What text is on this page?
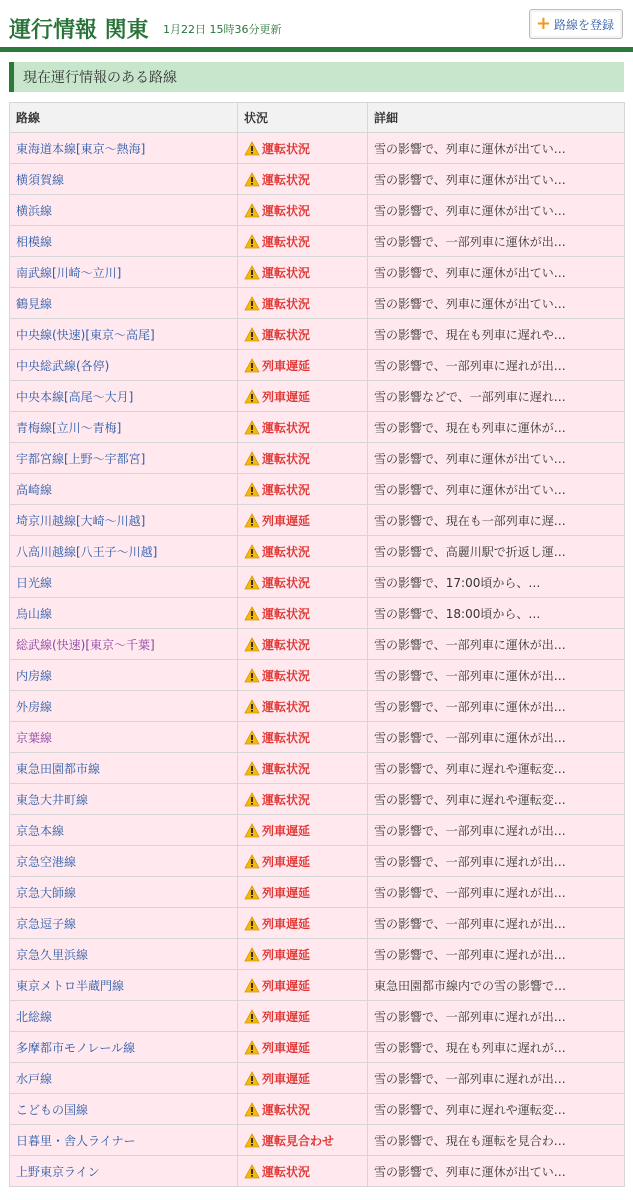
運行情報 関東 1月22日 15時36分更新	+ 路線を登録
現在運行情報のある路線
路線	状況	詳細
東海道本線[東京〜熱海]	運転状況	雪の影響で、列車に運休が出てい…
横須賀線	運転状況	雪の影響で、列車に運休が出てい…
横浜線	運転状況	雪の影響で、列車に運休が出てい…
相模線	運転状況	雪の影響で、一部列車に運休が出…
南武線[川崎〜立川]	運転状況	雪の影響で、列車に運休が出てい…
鶴見線	運転状況	雪の影響で、列車に運休が出てい…
中央線(快速)[東京〜高尾]	運転状況	雪の影響で、現在も列車に遅れや…
中央総武線(各停)	列車遅延	雪の影響で、一部列車に遅れが出…
中央本線[高尾〜大月]	列車遅延	雪の影響などで、一部列車に遅れ…
青梅線[立川〜青梅]	運転状況	雪の影響で、現在も列車に運休が…
宇都宮線[上野〜宇都宮]	運転状況	雪の影響で、列車に運休が出てい…
高崎線	運転状況	雪の影響で、列車に運休が出てい…
埼京川越線[大崎〜川越]	列車遅延	雪の影響で、現在も一部列車に遅…
八高川越線[八王子〜川越]	運転状況	雪の影響で、高麗川駅で折返し運…
日光線	運転状況	雪の影響で、17:00頃から、…
烏山線	運転状況	雪の影響で、18:00頃から、…
総武線(快速)[東京〜千葉]	運転状況	雪の影響で、一部列車に運休が出…
内房線	運転状況	雪の影響で、一部列車に運休が出…
外房線	運転状況	雪の影響で、一部列車に運休が出…
京葉線	運転状況	雪の影響で、一部列車に運休が出…
東急田園都市線	運転状況	雪の影響で、列車に遅れや運転変…
東急大井町線	運転状況	雪の影響で、列車に遅れや運転変…
京急本線	列車遅延	雪の影響で、一部列車に遅れが出…
京急空港線	列車遅延	雪の影響で、一部列車に遅れが出…
京急大師線	列車遅延	雪の影響で、一部列車に遅れが出…
京急逗子線	列車遅延	雪の影響で、一部列車に遅れが出…
京急久里浜線	列車遅延	雪の影響で、一部列車に遅れが出…
東京メトロ半蔵門線	列車遅延	東急田園都市線内での雪の影響で…
北総線	列車遅延	雪の影響で、一部列車に遅れが出…
多摩都市モノレール線	列車遅延	雪の影響で、現在も列車に遅れが…
水戸線	列車遅延	雪の影響で、一部列車に遅れが出…
こどもの国線	運転状況	雪の影響で、列車に遅れや運転変…
日暮里・舎人ライナー	運転見合わせ	雪の影響で、現在も運転を見合わ…
上野東京ライン	運転状況	雪の影響で、列車に運休が出てい…
